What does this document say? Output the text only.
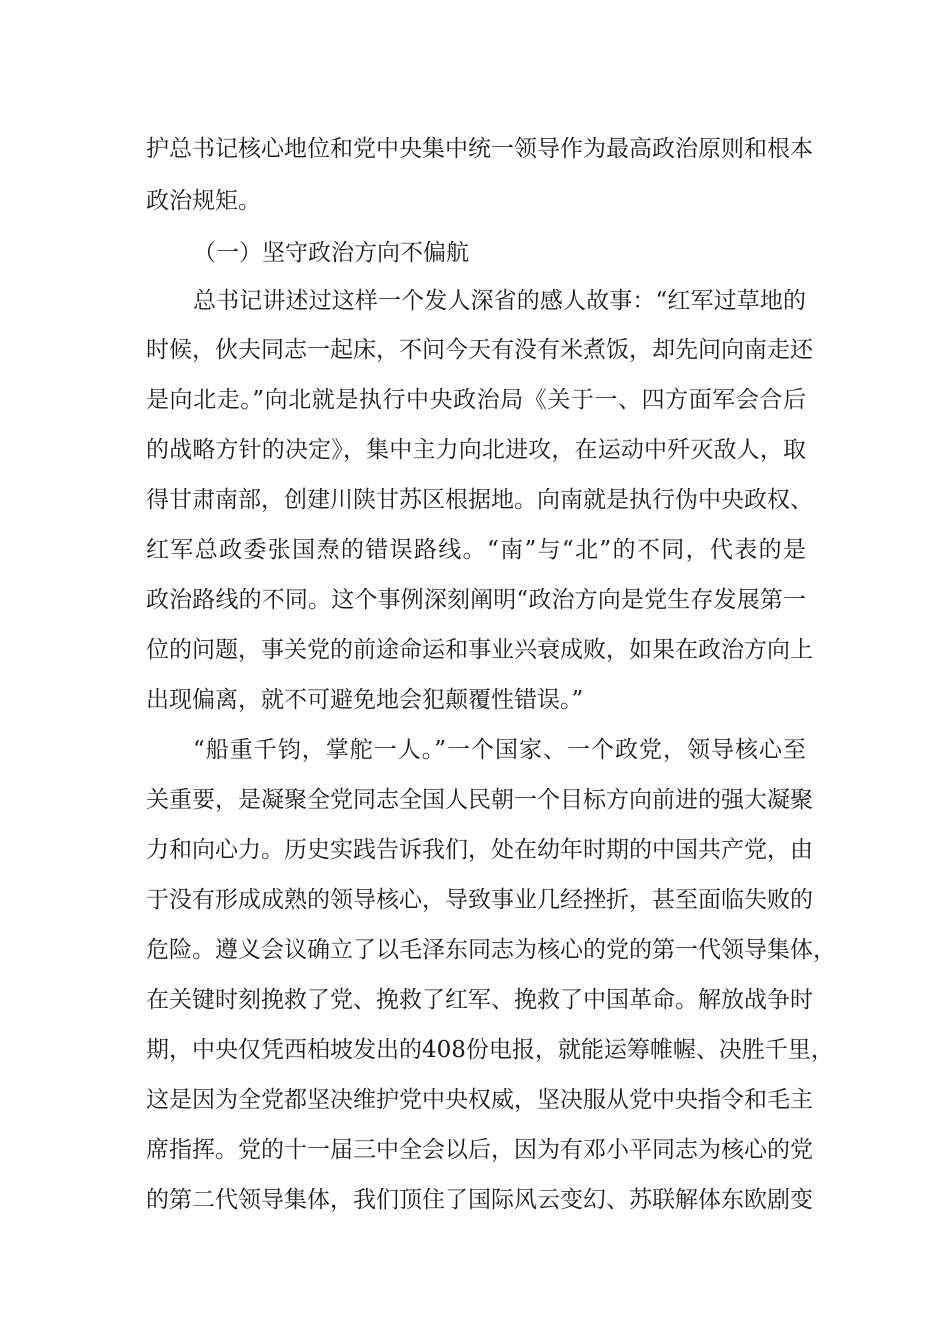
护总书记核心地位和党中央集中统一领导作为最高政治原则和根本
政治规矩。
（一）坚守政治方向不偏航
总书记讲述过这样一个发人深省的感人故事：“红军过草地的
时候，伙夫同志一起床，不问今天有没有米煮饭，却先问向南走还
是向北走。”向北就是执行中央政治局《关于一、四方面军会合后
的战略方针的决定》，集中主力向北进攻，在运动中歼灭敌人，取
得甘肃南部，创建川陕甘苏区根据地。向南就是执行伪中央政权、
红军总政委张国焘的错误路线。“南”与“北”的不同，代表的是
政治路线的不同。这个事例深刻阐明“政治方向是党生存发展第一
位的问题，事关党的前途命运和事业兴衰成败，如果在政治方向上
出现偏离，就不可避免地会犯颠覆性错误。”
“船重千钧，掌舵一人。”一个国家、一个政党，领导核心至
关重要，是凝聚全党同志全国人民朝一个目标方向前进的强大凝聚
力和向心力。历史实践告诉我们，处在幼年时期的中国共产党，由
于没有形成成熟的领导核心，导致事业几经挫折，甚至面临失败的
危险。遵义会议确立了以毛泽东同志为核心的党的第一代领导集体，
在关键时刻挽救了党、挽救了红军、挽救了中国革命。解放战争时
期，中央仅凭西柏坡发出的408份电报，就能运筹帷幄、决胜千里，
这是因为全党都坚决维护党中央权威，坚决服从党中央指令和毛主
席指挥。党的十一届三中全会以后，因为有邓小平同志为核心的党
的第二代领导集体，我们顶住了国际风云变幻、苏联解体东欧剧变
